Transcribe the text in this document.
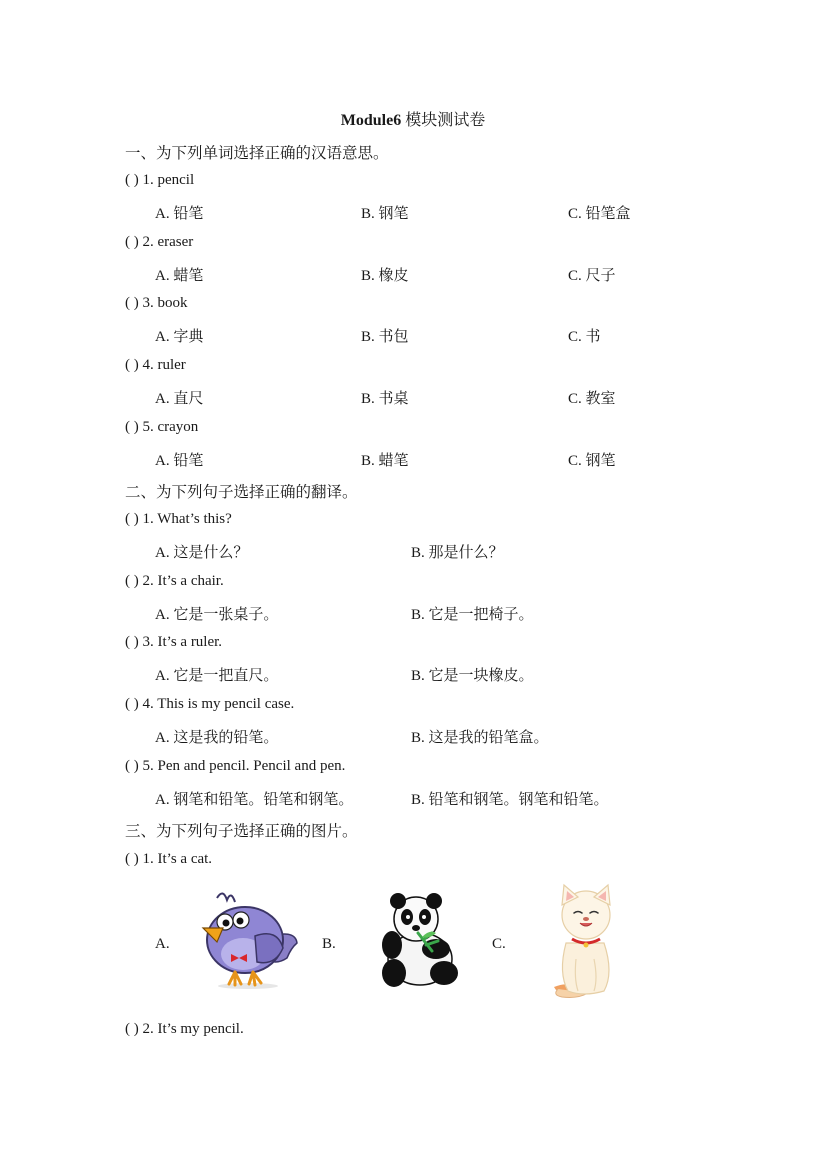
Module6 模块测试卷
一、为下列单词选择正确的汉语意思。
( ) 1. pencil
A. 铅笔	B. 钢笔	C. 铅笔盒
( ) 2. eraser
A. 蜡笔	B. 橡皮	C. 尺子
( ) 3. book
A. 字典	B. 书包	C. 书
( ) 4. ruler
A. 直尺	B. 书桌	C. 教室
( ) 5. crayon
A. 铅笔	B. 蜡笔	C. 钢笔
二、为下列句子选择正确的翻译。
( ) 1. What’s this?
A. 这是什么？	B. 那是什么？
( ) 2. It’s a chair.
A. 它是一张桌子。	B. 它是一把椅子。
( ) 3. It’s a ruler.
A. 它是一把直尺。	B. 它是一块橡皮。
( ) 4. This is my pencil case.
A. 这是我的铅笔。	B. 这是我的铅笔盒。
( ) 5. Pen and pencil. Pencil and pen.
A. 钢笔和铅笔。铅笔和钢笔。	B. 铅笔和钢笔。钢笔和铅笔。
三、为下列句子选择正确的图片。
( ) 1. It’s a cat.
A.	B.	C.
( ) 2. It’s my pencil.
